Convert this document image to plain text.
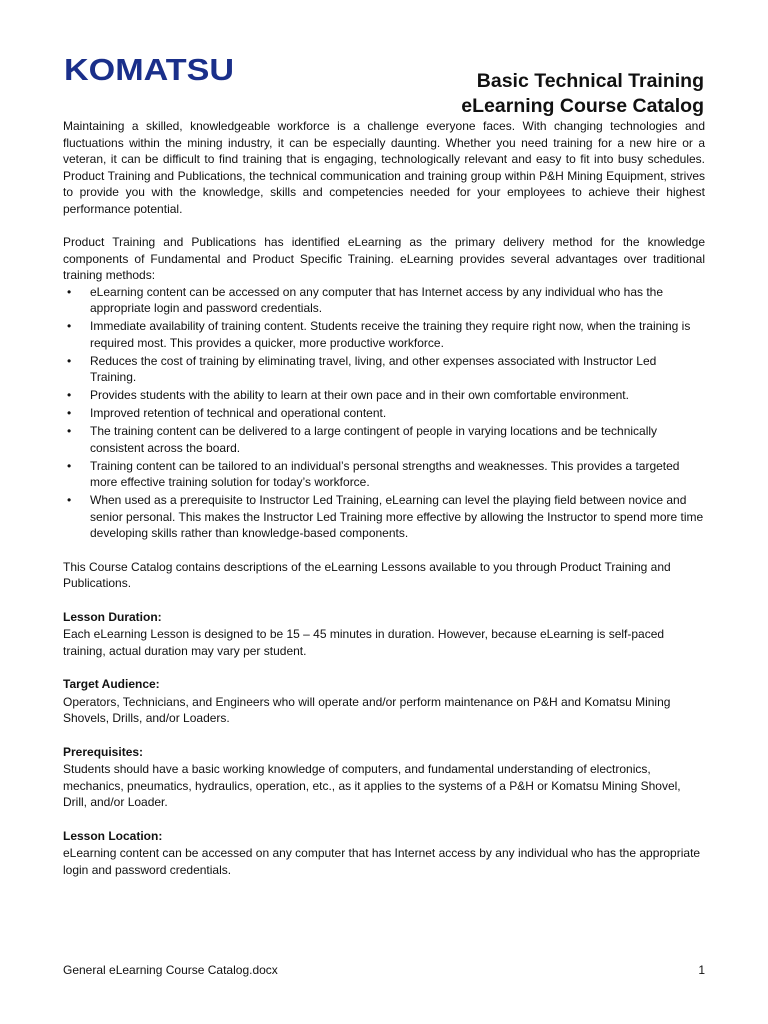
KOMATSU	Basic Technical Training
eLearning Course Catalog

Maintaining a skilled, knowledgeable workforce is a challenge everyone faces. With changing technologies and fluctuations within the mining industry, it can be especially daunting. Whether you need training for a new hire or a veteran, it can be difficult to find training that is engaging, technologically relevant and easy to fit into busy schedules. Product Training and Publications, the technical communication and training group within P&H Mining Equipment, strives to provide you with the knowledge, skills and competencies needed for your employees to achieve their highest performance potential.

Product Training and Publications has identified eLearning as the primary delivery method for the knowledge components of Fundamental and Product Specific Training. eLearning provides several advantages over traditional training methods:

• eLearning content can be accessed on any computer that has Internet access by any individual who has the appropriate login and password credentials.
• Immediate availability of training content. Students receive the training they require right now, when the training is required most. This provides a quicker, more productive workforce.
• Reduces the cost of training by eliminating travel, living, and other expenses associated with Instructor Led Training.
• Provides students with the ability to learn at their own pace and in their own comfortable environment.
• Improved retention of technical and operational content.
• The training content can be delivered to a large contingent of people in varying locations and be technically consistent across the board.
• Training content can be tailored to an individual’s personal strengths and weaknesses. This provides a targeted more effective training solution for today’s workforce.
• When used as a prerequisite to Instructor Led Training, eLearning can level the playing field between novice and senior personal. This makes the Instructor Led Training more effective by allowing the Instructor to spend more time developing skills rather than knowledge-based components.

This Course Catalog contains descriptions of the eLearning Lessons available to you through Product Training and Publications.

Lesson Duration:

Each eLearning Lesson is designed to be 15 – 45 minutes in duration. However, because eLearning is self-paced training, actual duration may vary per student.

Target Audience:

Operators, Technicians, and Engineers who will operate and/or perform maintenance on P&H and Komatsu Mining Shovels, Drills, and/or Loaders.

Prerequisites:

Students should have a basic working knowledge of computers, and fundamental understanding of electronics, mechanics, pneumatics, hydraulics, operation, etc., as it applies to the systems of a P&H or Komatsu Mining Shovel, Drill, and/or Loader.

Lesson Location:

eLearning content can be accessed on any computer that has Internet access by any individual who has the appropriate login and password credentials.

General eLearning Course Catalog.docx	1
